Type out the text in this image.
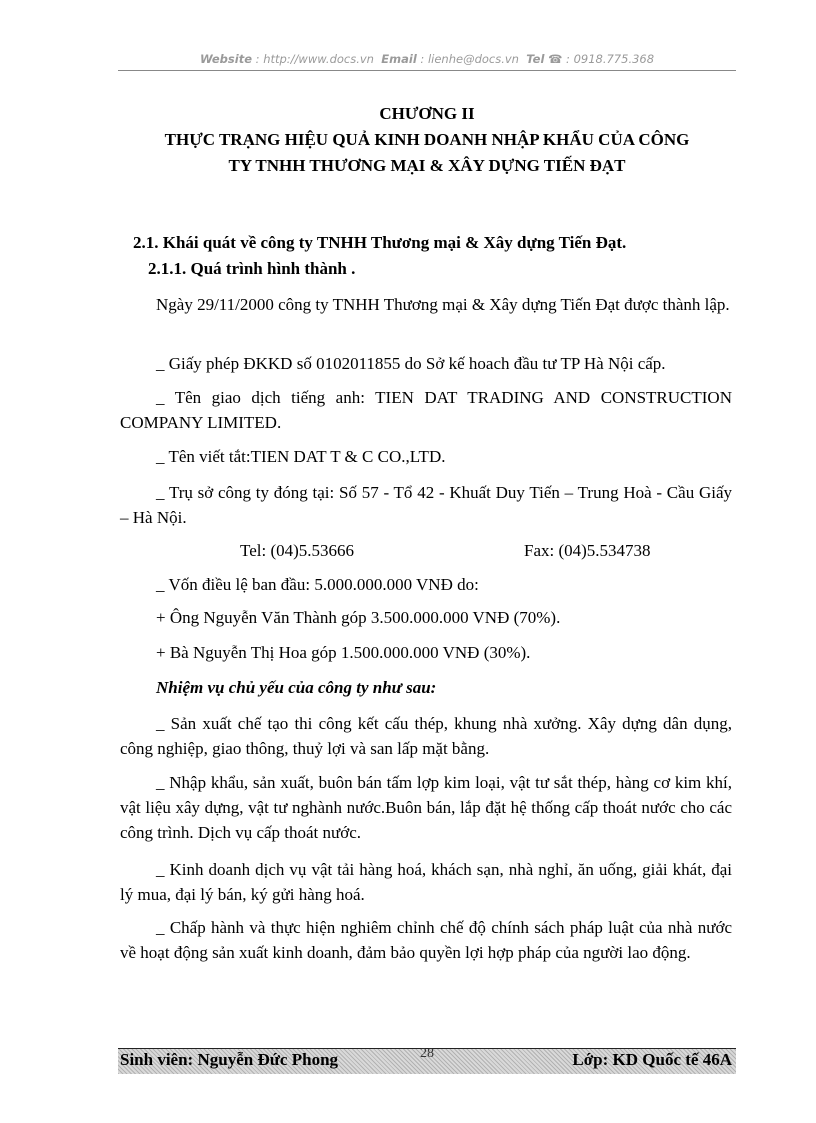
Website : http://www.docs.vn Email : lienhe@docs.vn Tel ☎ : 0918.775.368
CHƯƠNG II
THỰC TRẠNG HIỆU QUẢ KINH DOANH NHẬP KHẨU CỦA CÔNG
TY TNHH THƯƠNG MẠI & XÂY DỰNG TIẾN ĐẠT
2.1. Khái quát về công ty TNHH Thương mại & Xây dựng Tiến Đạt.
2.1.1. Quá trình hình thành .
Ngày 29/11/2000 công ty TNHH Thương mại & Xây dựng Tiến Đạt được thành lập.
_ Giấy phép ĐKKD số 0102011855 do Sở kế hoach đầu tư TP Hà Nội cấp.
_ Tên giao dịch tiếng anh: TIEN DAT TRADING AND CONSTRUCTION COMPANY LIMITED.
_ Tên viết tắt:TIEN DAT T & C CO.,LTD.
_ Trụ sở công ty đóng tại: Số 57 - Tổ 42 - Khuất Duy Tiến – Trung Hoà - Cầu Giấy – Hà Nội.
Tel: (04)5.53666	Fax: (04)5.534738
_ Vốn điều lệ ban đầu: 5.000.000.000 VNĐ do:
+ Ông Nguyễn Văn Thành góp 3.500.000.000 VNĐ (70%).
+ Bà Nguyễn Thị Hoa góp 1.500.000.000 VNĐ (30%).
Nhiệm vụ chủ yếu của công ty như sau:
_ Sản xuất chế tạo thi công kết cấu thép, khung nhà xưởng. Xây dựng dân dụng, công nghiệp, giao thông, thuỷ lợi và san lấp mặt bằng.
_ Nhập khẩu, sản xuất, buôn bán tấm lợp kim loại, vật tư sắt thép, hàng cơ kim khí, vật liệu xây dựng, vật tư nghành nước.Buôn bán, lắp đặt hệ thống cấp thoát nước cho các công trình. Dịch vụ cấp thoát nước.
_ Kinh doanh dịch vụ vật tải hàng hoá, khách sạn, nhà nghỉ, ăn uống, giải khát, đại lý mua, đại lý bán, ký gửi hàng hoá.
_ Chấp hành và thực hiện nghiêm chỉnh chế độ chính sách pháp luật của nhà nước về hoạt động sản xuất kinh doanh, đảm bảo quyền lợi hợp pháp của người lao động.
Sinh viên: Nguyễn Đức Phong	28	Lớp: KD Quốc tế 46A
